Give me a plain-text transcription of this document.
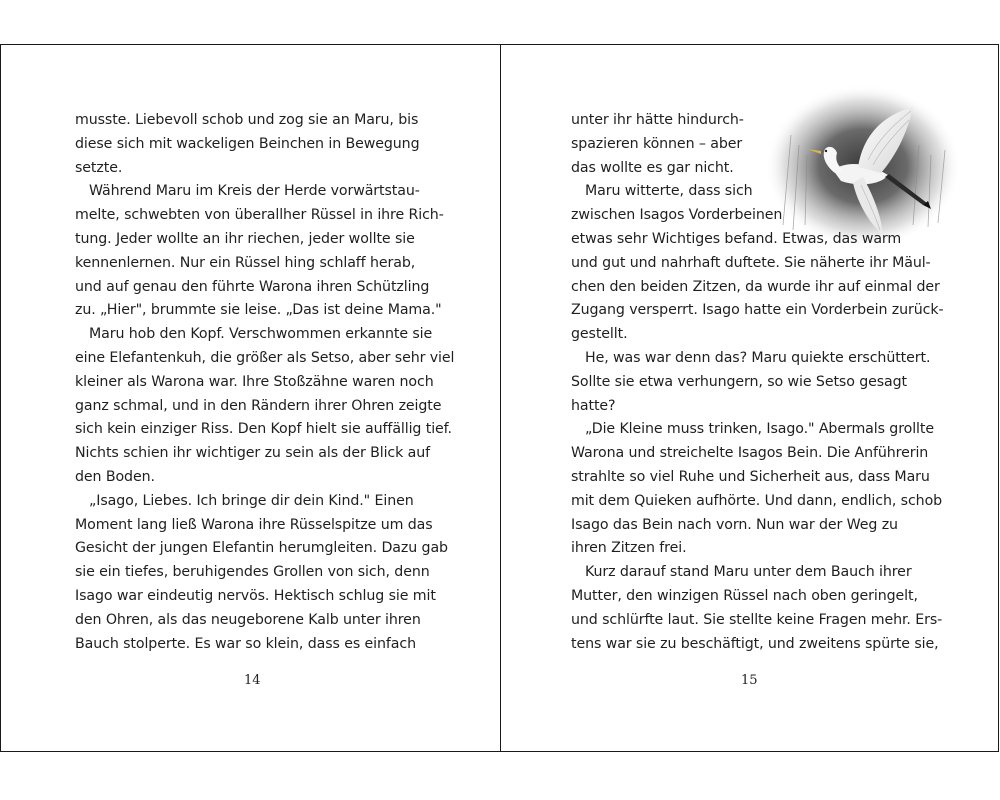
musste. Liebevoll schob und zog sie an Maru, bis
diese sich mit wackeligen Beinchen in Bewegung
setzte.
Während Maru im Kreis der Herde vorwärtstau-
melte, schwebten von überallher Rüssel in ihre Rich-
tung. Jeder wollte an ihr riechen, jeder wollte sie
kennenlernen. Nur ein Rüssel hing schlaff herab,
und auf genau den führte Warona ihren Schützling
zu. „Hier", brummte sie leise. „Das ist deine Mama."
Maru hob den Kopf. Verschwommen erkannte sie
eine Elefantenkuh, die größer als Setso, aber sehr viel
kleiner als Warona war. Ihre Stoßzähne waren noch
ganz schmal, und in den Rändern ihrer Ohren zeigte
sich kein einziger Riss. Den Kopf hielt sie auffällig tief.
Nichts schien ihr wichtiger zu sein als der Blick auf
den Boden.
„Isago, Liebes. Ich bringe dir dein Kind." Einen
Moment lang ließ Warona ihre Rüsselspitze um das
Gesicht der jungen Elefantin herumgleiten. Dazu gab
sie ein tiefes, beruhigendes Grollen von sich, denn
Isago war eindeutig nervös. Hektisch schlug sie mit
den Ohren, als das neugeborene Kalb unter ihren
Bauch stolperte. Es war so klein, dass es einfach
14
unter ihr hätte hindurch-
spazieren können – aber
das wollte es gar nicht.
Maru witterte, dass sich
zwischen Isagos Vorderbeinen
etwas sehr Wichtiges befand. Etwas, das warm
und gut und nahrhaft duftete. Sie näherte ihr Mäul-
chen den beiden Zitzen, da wurde ihr auf einmal der
Zugang versperrt. Isago hatte ein Vorderbein zurück-
gestellt.
He, was war denn das? Maru quiekte erschüttert.
Sollte sie etwa verhungern, so wie Setso gesagt
hatte?
„Die Kleine muss trinken, Isago." Abermals grollte
Warona und streichelte Isagos Bein. Die Anführerin
strahlte so viel Ruhe und Sicherheit aus, dass Maru
mit dem Quieken aufhörte. Und dann, endlich, schob
Isago das Bein nach vorn. Nun war der Weg zu
ihren Zitzen frei.
Kurz darauf stand Maru unter dem Bauch ihrer
Mutter, den winzigen Rüssel nach oben geringelt,
und schlürfte laut. Sie stellte keine Fragen mehr. Ers-
tens war sie zu beschäftigt, und zweitens spürte sie,
15
